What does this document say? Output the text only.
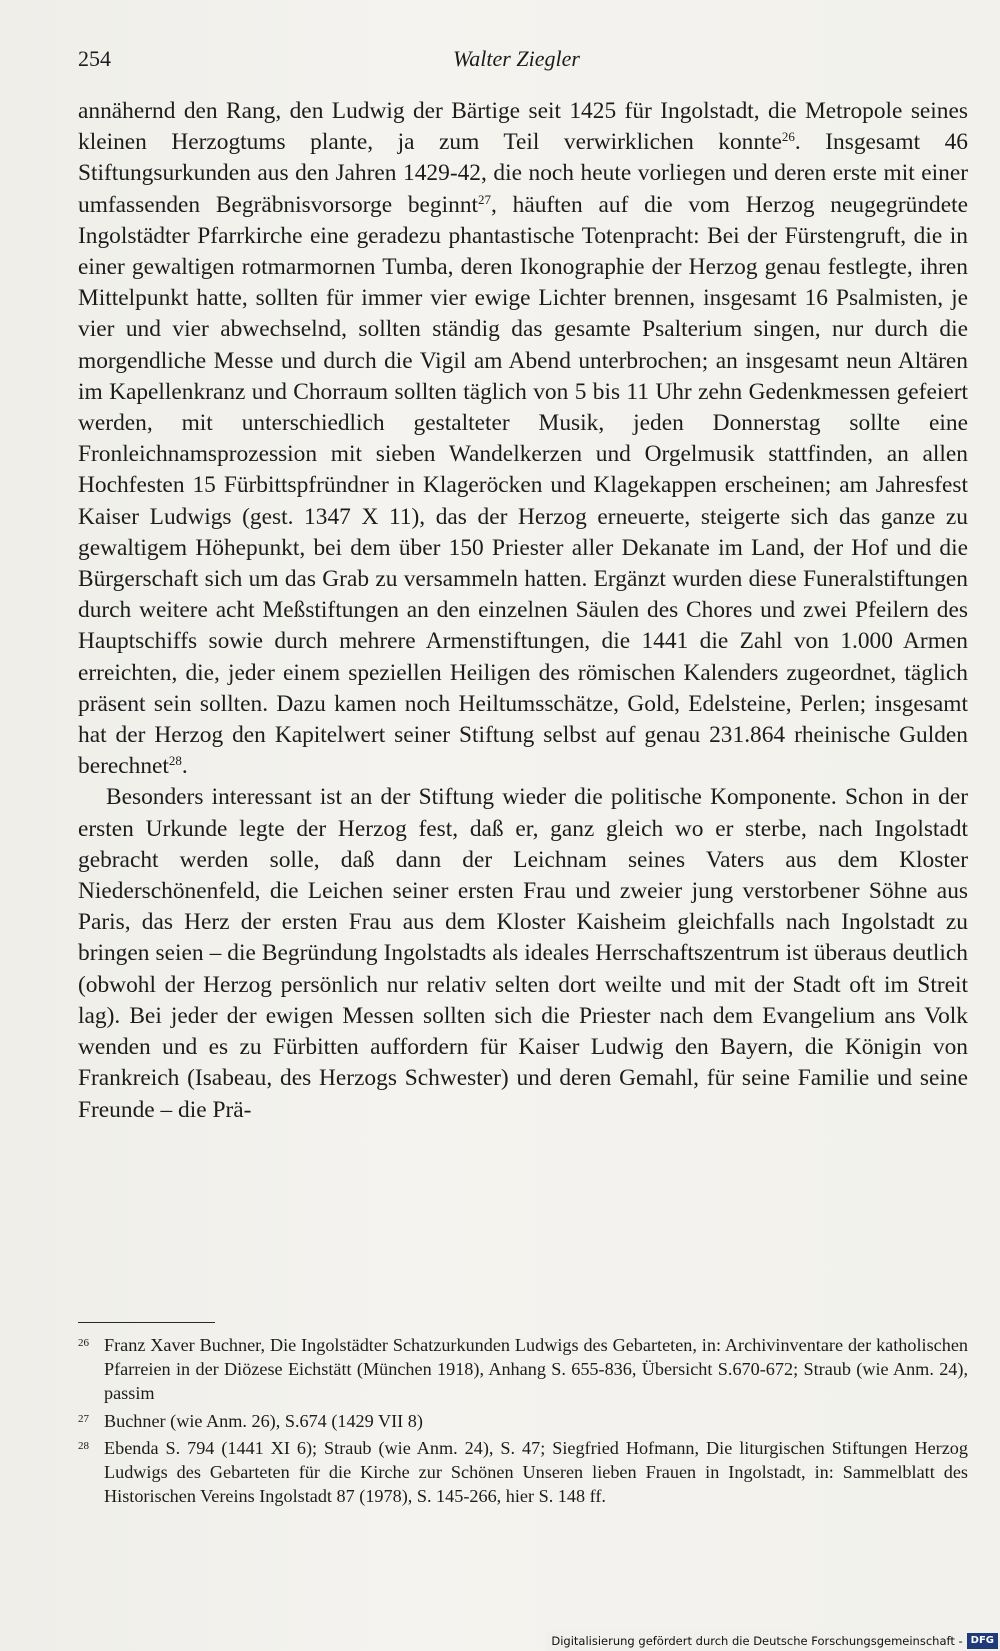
254	Walter Ziegler

annähernd den Rang, den Ludwig der Bärtige seit 1425 für Ingolstadt, die Metropole seines kleinen Herzogtums plante, ja zum Teil verwirklichen konnte$^{26}$. Insgesamt 46 Stiftungsurkunden aus den Jahren 1429-42, die noch heute vorliegen und deren erste mit einer umfassenden Begräbnisvorsorge beginnt$^{27}$, häuften auf die vom Herzog neugegründete Ingolstädter Pfarrkirche eine geradezu phantastische Totenpracht: Bei der Fürstengruft, die in einer gewaltigen rotmarmornen Tumba, deren Ikonographie der Herzog genau festlegte, ihren Mittelpunkt hatte, sollten für immer vier ewige Lichter brennen, insgesamt 16 Psalmisten, je vier und vier abwechselnd, sollten ständig das gesamte Psalterium singen, nur durch die morgendliche Messe und durch die Vigil am Abend unterbrochen; an insgesamt neun Altären im Kapellenkranz und Chorraum sollten täglich von 5 bis 11 Uhr zehn Gedenkmessen gefeiert werden, mit unterschiedlich gestalteter Musik, jeden Donnerstag sollte eine Fronleichnamsprozession mit sieben Wandelkerzen und Orgelmusik stattfinden, an allen Hochfesten 15 Fürbittspfründner in Klageröcken und Klagekappen erscheinen; am Jahresfest Kaiser Ludwigs (gest. 1347 X 11), das der Herzog erneuerte, steigerte sich das ganze zu gewaltigem Höhepunkt, bei dem über 150 Priester aller Dekanate im Land, der Hof und die Bürgerschaft sich um das Grab zu versammeln hatten. Ergänzt wurden diese Funeralstiftungen durch weitere acht Meßstiftungen an den einzelnen Säulen des Chores und zwei Pfeilern des Hauptschiffs sowie durch mehrere Armenstiftungen, die 1441 die Zahl von 1.000 Armen erreichten, die, jeder einem speziellen Heiligen des römischen Kalenders zugeordnet, täglich präsent sein sollten. Dazu kamen noch Heiltumsschätze, Gold, Edelsteine, Perlen; insgesamt hat der Herzog den Kapitelwert seiner Stiftung selbst auf genau 231.864 rheinische Gulden berechnet$^{28}$.

Besonders interessant ist an der Stiftung wieder die politische Komponente. Schon in der ersten Urkunde legte der Herzog fest, daß er, ganz gleich wo er sterbe, nach Ingolstadt gebracht werden solle, daß dann der Leichnam seines Vaters aus dem Kloster Niederschönenfeld, die Leichen seiner ersten Frau und zweier jung verstorbener Söhne aus Paris, das Herz der ersten Frau aus dem Kloster Kaisheim gleichfalls nach Ingolstadt zu bringen seien – die Begründung Ingolstadts als ideales Herrschaftszentrum ist überaus deutlich (obwohl der Herzog persönlich nur relativ selten dort weilte und mit der Stadt oft im Streit lag). Bei jeder der ewigen Messen sollten sich die Priester nach dem Evangelium ans Volk wenden und es zu Fürbitten auffordern für Kaiser Ludwig den Bayern, die Königin von Frankreich (Isabeau, des Herzogs Schwester) und deren Gemahl, für seine Familie und seine Freunde – die Prä-

26 Franz Xaver Buchner, Die Ingolstädter Schatzurkunden Ludwigs des Gebarteten, in: Archivinventare der katholischen Pfarreien in der Diözese Eichstätt (München 1918), Anhang S. 655-836, Übersicht S.670-672; Straub (wie Anm. 24), passim

27 Buchner (wie Anm. 26), S.674 (1429 VII 8)

28 Ebenda S. 794 (1441 XI 6); Straub (wie Anm. 24), S. 47; Siegfried Hofmann, Die liturgischen Stiftungen Herzog Ludwigs des Gebarteten für die Kirche zur Schönen Unseren lieben Frauen in Ingolstadt, in: Sammelblatt des Historischen Vereins Ingolstadt 87 (1978), S. 145-266, hier S. 148 ff.

Digitalisierung gefördert durch die Deutsche Forschungsgemeinschaft - DFG
